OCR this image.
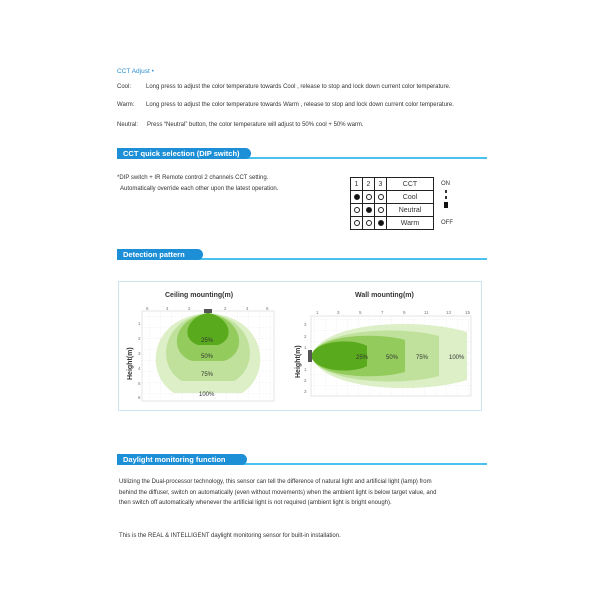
CCT Adjust •
Cool:	Long press to adjust the color temperature towards Cool , release to stop and lock down current color temperature.
Warm:	Long press to adjust the color temperature towards Warm , release to stop and lock down current color temperature.
Neutral:	Press “Neutral” button, the color temperature will adjust to 50% cool + 50% warm.
CCT quick selection (DIP switch)
*DIP switch + IR Remote control 2 channels CCT setting.
Automatically override each other upon the latest operation.
1	2	3	CCT
			Cool
			Neutral
			Warm
ON
OFF
Detection pattern
Ceiling mounting(m)
Height(m)
6	4	2	2	4	6
1
2
3
4
5
6
25%
50%
75%
100%
Wall mounting(m)
Height(m)
1	3	5	7	9	11	13	15
3
2
1
1
2
3
25%	50%	75%	100%
Daylight monitoring function
Utilizing the Dual-processor technology, this sensor can tell the difference of natural light and artificial light (lamp) from
behind the diffuser, switch on automatically (even without movements) when the ambient light is below target value, and
then switch off automatically whenever the artificial light is not required (ambient light is bright enough).
This is the REAL & INTELLIGENT daylight monitoring sensor for built-in installation.
